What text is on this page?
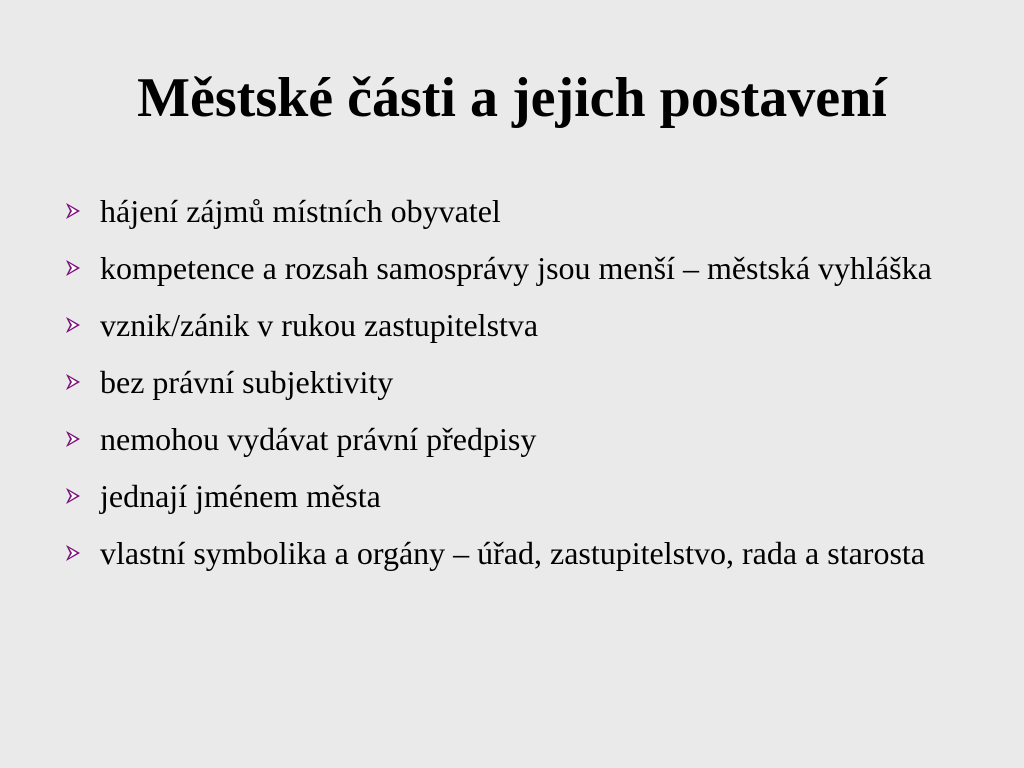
Městské části a jejich postavení
hájení zájmů místních obyvatel
kompetence a rozsah samosprávy jsou menší – městská vyhláška
vznik/zánik v rukou zastupitelstva
bez právní subjektivity
nemohou vydávat právní předpisy
jednají jménem města
vlastní symbolika a orgány – úřad, zastupitelstvo, rada a starosta
